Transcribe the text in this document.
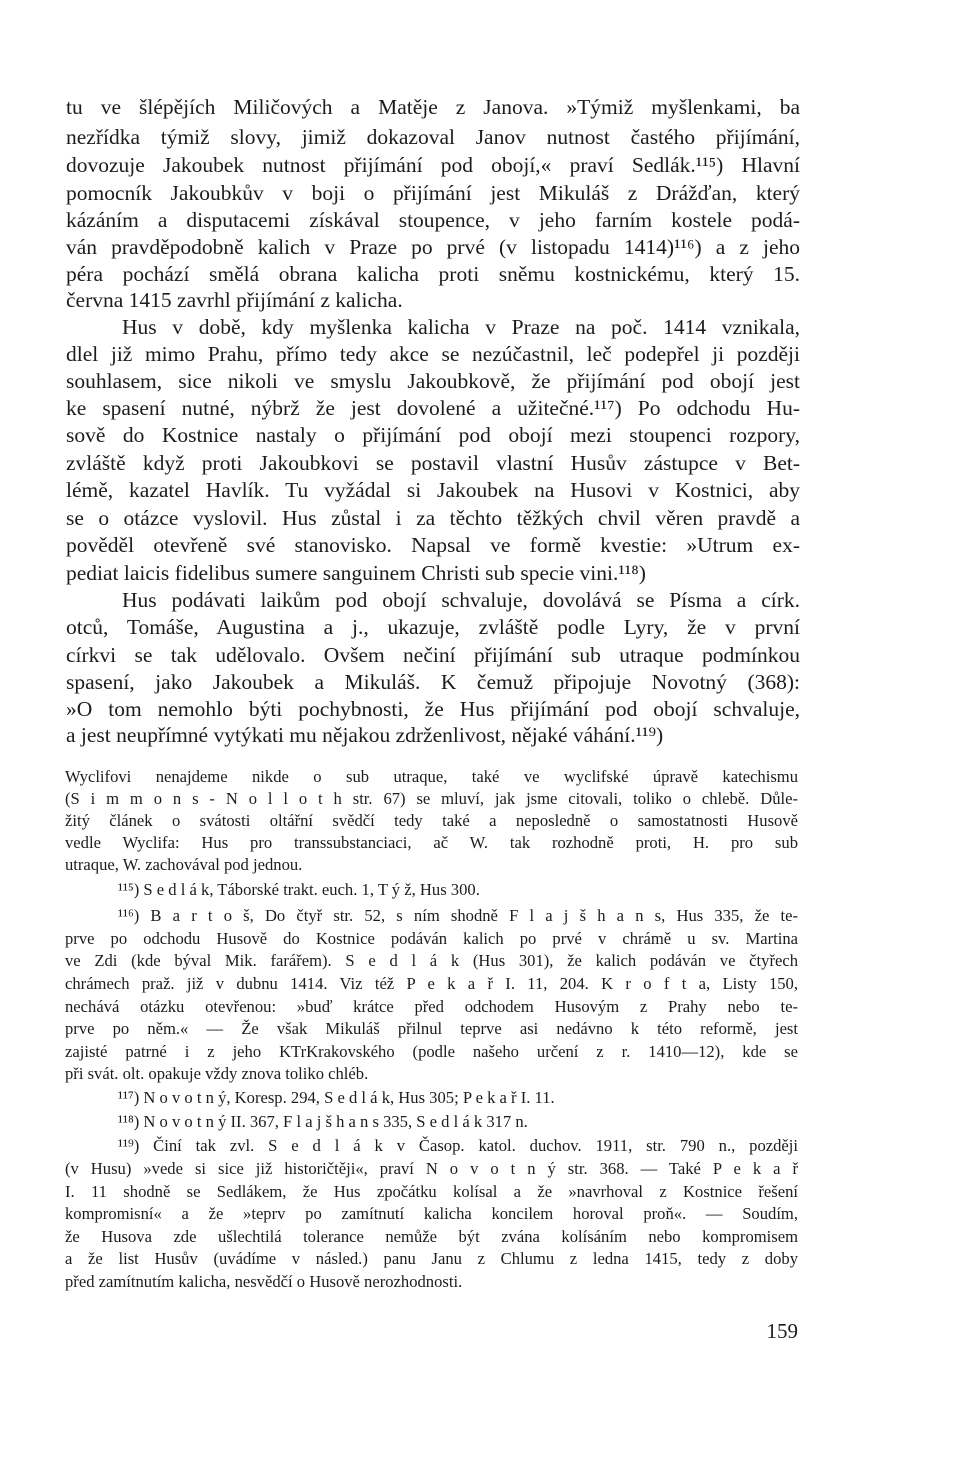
tu ve šlépějích Miličových a Matěje z Janova. »Týmiž myšlenkami, ba
nezřídka týmiž slovy, jimiž dokazoval Janov nutnost častého přijímání,
dovozuje Jakoubek nutnost přijímání pod obojí,« praví Sedlák.¹¹⁵) Hlavní
pomocník Jakoubkův v boji o přijímání jest Mikuláš z Drážďan, který
kázáním a disputacemi získával stoupence, v jeho farním kostele podá-
ván pravděpodobně kalich v Praze po prvé (v listopadu 1414)¹¹⁶) a z jeho
péra pochází smělá obrana kalicha proti sněmu kostnickému, který 15.
června 1415 zavrhl přijímání z kalicha.
Hus v době, kdy myšlenka kalicha v Praze na poč. 1414 vznikala,
dlel již mimo Prahu, přímo tedy akce se nezúčastnil, leč podepřel ji později
souhlasem, sice nikoli ve smyslu Jakoubkově, že přijímání pod obojí jest
ke spasení nutné, nýbrž že jest dovolené a užitečné.¹¹⁷) Po odchodu Hu-
sově do Kostnice nastaly o přijímání pod obojí mezi stoupenci rozpory,
zvláště když proti Jakoubkovi se postavil vlastní Husův zástupce v Bet-
lémě, kazatel Havlík. Tu vyžádal si Jakoubek na Husovi v Kostnici, aby
se o otázce vyslovil. Hus zůstal i za těchto těžkých chvil věren pravdě a
pověděl otevřeně své stanovisko. Napsal ve formě kvestie: »Utrum ex-
pediat laicis fidelibus sumere sanguinem Christi sub specie vini.¹¹⁸)
Hus podávati laikům pod obojí schvaluje, dovolává se Písma a círk.
otců, Tomáše, Augustina a j., ukazuje, zvláště podle Lyry, že v první
církvi se tak udělovalo. Ovšem nečiní přijímání sub utraque podmínkou
spasení, jako Jakoubek a Mikuláš. K čemuž připojuje Novotný (368):
»O tom nemohlo býti pochybnosti, že Hus přijímání pod obojí schvaluje,
a jest neupřímné vytýkati mu nějakou zdrženlivost, nějaké váhání.¹¹⁹)
Wyclifovi nenajdeme nikde o sub utraque, také ve wyclifské úpravě katechismu
(S i m m o n s - N o l l o t h str. 67) se mluví, jak jsme citovali, toliko o chlebě. Důle-
žitý článek o svátosti oltářní svědčí tedy také a neposledně o samostatnosti Husově
vedle Wyclifa: Hus pro transsubstanciaci, ač W. tak rozhodně proti, H. pro sub
utraque, W. zachovával pod jednou.
¹¹⁵) S e d l á k, Táborské trakt. euch. 1, T ý ž, Hus 300.
¹¹⁶) B a r t o š, Do čtyř str. 52, s ním shodně F l a j š h a n s, Hus 335, že te-
prve po odchodu Husově do Kostnice podáván kalich po prvé v chrámě u sv. Martina
ve Zdi (kde býval Mik. farářem). S e d l á k (Hus 301), že kalich podáván ve čtyřech
chrámech praž. již v dubnu 1414. Viz též P e k a ř I. 11, 204. K r o f t a, Listy 150,
nechává otázku otevřenou: »buď krátce před odchodem Husovým z Prahy nebo te-
prve po něm.« — Že však Mikuláš přilnul teprve asi nedávno k této reformě, jest
zajisté patrné i z jeho KTrKrakovského (podle našeho určení z r. 1410—12), kde se
při svát. olt. opakuje vždy znova toliko chléb.
¹¹⁷) N o v o t n ý, Koresp. 294, S e d l á k, Hus 305; P e k a ř I. 11.
¹¹⁸) N o v o t n ý II. 367, F l a j š h a n s 335, S e d l á k 317 n.
¹¹⁹) Činí tak zvl. S e d l á k v Časop. katol. duchov. 1911, str. 790 n., později
(v Husu) »vede si sice již historičtěji«, praví N o v o t n ý str. 368. — Také P e k a ř
I. 11 shodně se Sedlákem, že Hus zpočátku kolísal a že »navrhoval z Kostnice řešení
kompromisní« a že »teprv po zamítnutí kalicha koncilem horoval proň«. — Soudím,
že Husova zde ušlechtilá tolerance nemůže být zvána kolísáním nebo kompromisem
a že list Husův (uvádíme v násled.) panu Janu z Chlumu z ledna 1415, tedy z doby
před zamítnutím kalicha, nesvědčí o Husově nerozhodnosti.
159
